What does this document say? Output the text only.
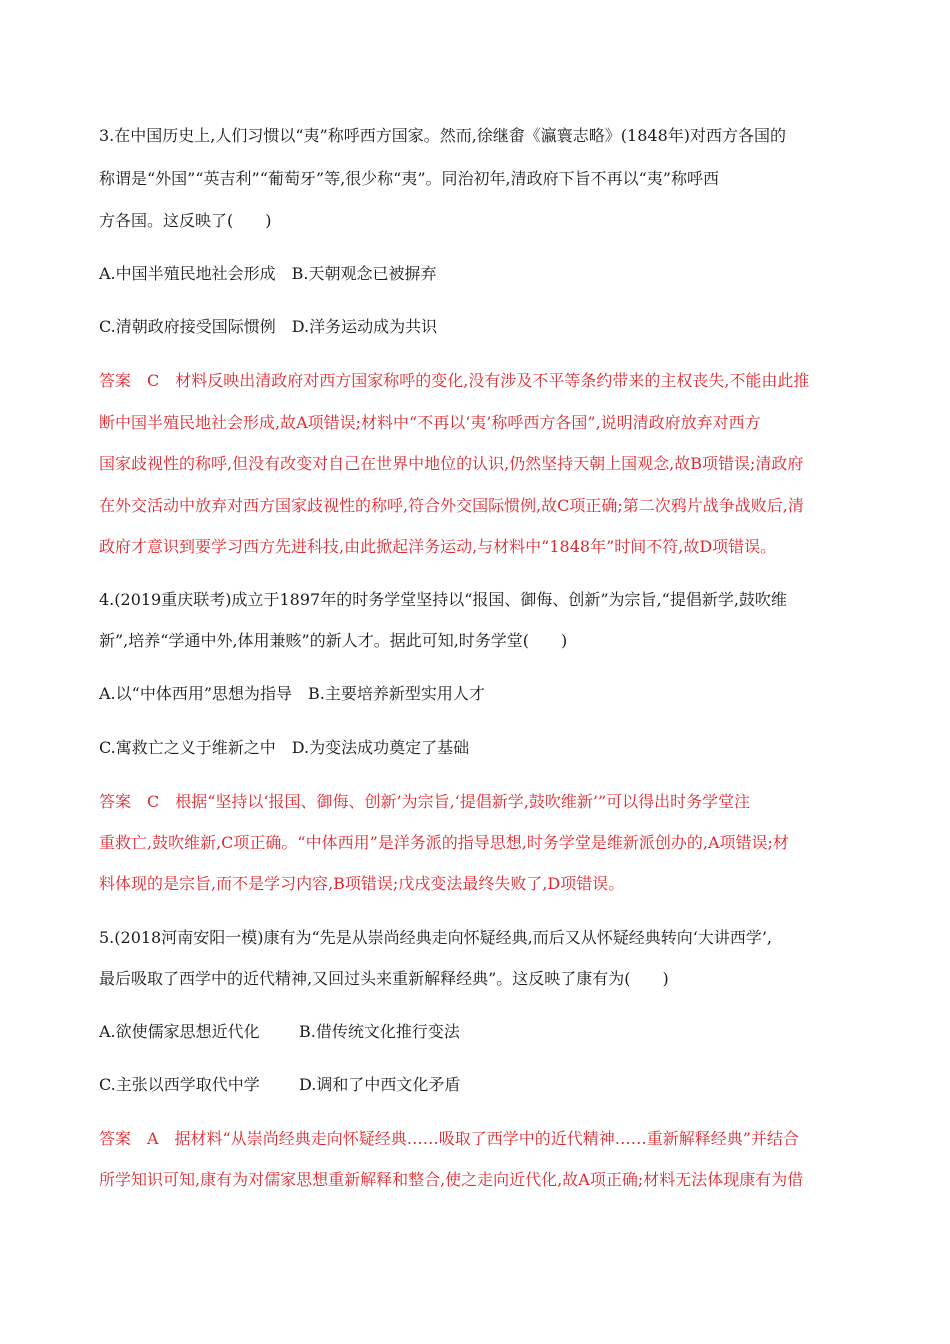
3.在中国历史上,人们习惯以“夷”称呼西方国家。然而,徐继畬《瀛寰志略》(1848年)对西方各国的
称谓是“外国”“英吉利”“葡萄牙”等,很少称“夷”。同治初年,清政府下旨不再以“夷”称呼西
方各国。这反映了(　　)
A.中国半殖民地社会形成 B.天朝观念已被摒弃
C.清朝政府接受国际惯例 D.洋务运动成为共识
答案　C　材料反映出清政府对西方国家称呼的变化,没有涉及不平等条约带来的主权丧失,不能由此推
断中国半殖民地社会形成,故A项错误;材料中“不再以‘夷’称呼西方各国”,说明清政府放弃对西方
国家歧视性的称呼,但没有改变对自己在世界中地位的认识,仍然坚持天朝上国观念,故B项错误;清政府
在外交活动中放弃对西方国家歧视性的称呼,符合外交国际惯例,故C项正确;第二次鸦片战争战败后,清
政府才意识到要学习西方先进科技,由此掀起洋务运动,与材料中“1848年”时间不符,故D项错误。
4.(2019重庆联考)成立于1897年的时务学堂坚持以“报国、御侮、创新”为宗旨,“提倡新学,鼓吹维
新”,培养“学通中外,体用兼赅”的新人才。据此可知,时务学堂(　　)
A.以“中体西用”思想为指导 B.主要培养新型实用人才
C.寓救亡之义于维新之中 D.为变法成功奠定了基础
答案　C　根据“坚持以‘报国、御侮、创新’为宗旨,‘提倡新学,鼓吹维新’”可以得出时务学堂注
重救亡,鼓吹维新,C项正确。“中体西用”是洋务派的指导思想,时务学堂是维新派创办的,A项错误;材
料体现的是宗旨,而不是学习内容,B项错误;戊戌变法最终失败了,D项错误。
5.(2018河南安阳一模)康有为“先是从崇尚经典走向怀疑经典,而后又从怀疑经典转向‘大讲西学’,
最后吸取了西学中的近代精神,又回过头来重新解释经典”。这反映了康有为(　　)
A.欲使儒家思想近代化 B.借传统文化推行变法
C.主张以西学取代中学 D.调和了中西文化矛盾
答案　A　据材料“从崇尚经典走向怀疑经典……吸取了西学中的近代精神……重新解释经典”并结合
所学知识可知,康有为对儒家思想重新解释和整合,使之走向近代化,故A项正确;材料无法体现康有为借
